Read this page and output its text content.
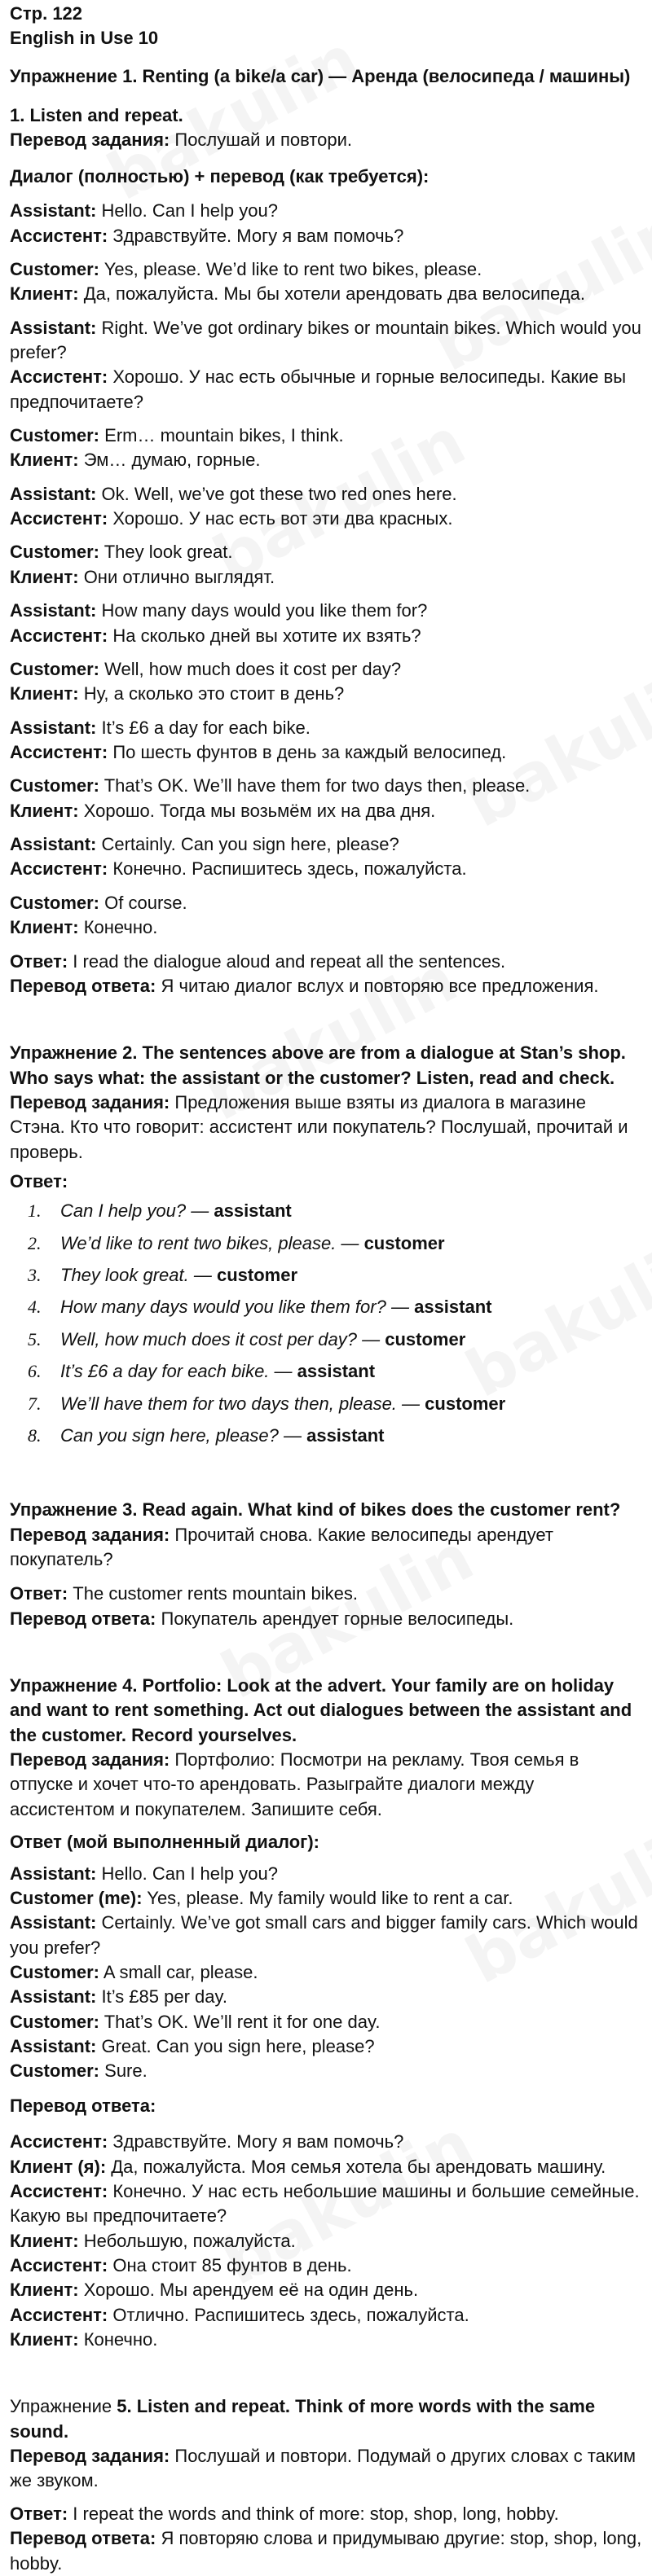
Стр. 122

English in Use 10

Упражнение 1. Renting (a bike/a car) — Аренда (велосипеда / машины)

1. Listen and repeat.

Перевод задания: Послушай и повтори.

Диалог (полностью) + перевод (как требуется):

Assistant: Hello. Can I help you?

Ассистент: Здравствуйте. Могу я вам помочь?

Customer: Yes, please. We’d like to rent two bikes, please.

Клиент: Да, пожалуйста. Мы бы хотели арендовать два велосипеда.

Assistant: Right. We’ve got ordinary bikes or mountain bikes. Which would you prefer?

Ассистент: Хорошо. У нас есть обычные и горные велосипеды. Какие вы предпочитаете?

Customer: Erm… mountain bikes, I think.

Клиент: Эм… думаю, горные.

Assistant: Ok. Well, we’ve got these two red ones here.

Ассистент: Хорошо. У нас есть вот эти два красных.

Customer: They look great.

Клиент: Они отлично выглядят.

Assistant: How many days would you like them for?

Ассистент: На сколько дней вы хотите их взять?

Customer: Well, how much does it cost per day?

Клиент: Ну, а сколько это стоит в день?

Assistant: It’s £6 a day for each bike.

Ассистент: По шесть фунтов в день за каждый велосипед.

Customer: That’s OK. We’ll have them for two days then, please.

Клиент: Хорошо. Тогда мы возьмём их на два дня.

Assistant: Certainly. Can you sign here, please?

Ассистент: Конечно. Распишитесь здесь, пожалуйста.

Customer: Of course.

Клиент: Конечно.

Ответ: I read the dialogue aloud and repeat all the sentences.

Перевод ответа: Я читаю диалог вслух и повторяю все предложения.

Упражнение 2. The sentences above are from a dialogue at Stan’s shop. Who says what: the assistant or the customer? Listen, read and check.

Перевод задания: Предложения выше взяты из диалога в магазине Стэна. Кто что говорит: ассистент или покупатель? Послушай, прочитай и проверь.

Ответ:

1.	Can I help you? — assistant
2.	We’d like to rent two bikes, please. — customer
3.	They look great. — customer
4.	How many days would you like them for? — assistant
5.	Well, how much does it cost per day? — customer
6.	It’s £6 a day for each bike. — assistant
7.	We’ll have them for two days then, please. — customer
8.	Can you sign here, please? — assistant

Упражнение 3. Read again. What kind of bikes does the customer rent?

Перевод задания: Прочитай снова. Какие велосипеды арендует покупатель?

Ответ: The customer rents mountain bikes.

Перевод ответа: Покупатель арендует горные велосипеды.

Упражнение 4. Portfolio: Look at the advert. Your family are on holiday and want to rent something. Act out dialogues between the assistant and the customer. Record yourselves.

Перевод задания: Портфолио: Посмотри на рекламу. Твоя семья в отпуске и хочет что-то арендовать. Разыграйте диалоги между ассистентом и покупателем. Запишите себя.

Ответ (мой выполненный диалог):

Assistant: Hello. Can I help you?

Customer (me): Yes, please. My family would like to rent a car.

Assistant: Certainly. We’ve got small cars and bigger family cars. Which would you prefer?

Customer: A small car, please.

Assistant: It’s £85 per day.

Customer: That’s OK. We’ll rent it for one day.

Assistant: Great. Can you sign here, please?

Customer: Sure.

Перевод ответа:

Ассистент: Здравствуйте. Могу я вам помочь?

Клиент (я): Да, пожалуйста. Моя семья хотела бы арендовать машину.

Ассистент: Конечно. У нас есть небольшие машины и большие семейные. Какую вы предпочитаете?

Клиент: Небольшую, пожалуйста.

Ассистент: Она стоит 85 фунтов в день.

Клиент: Хорошо. Мы арендуем её на один день.

Ассистент: Отлично. Распишитесь здесь, пожалуйста.

Клиент: Конечно.

Упражнение 5. Listen and repeat. Think of more words with the same sound.

Перевод задания: Послушай и повтори. Подумай о других словах с таким же звуком.

Ответ: I repeat the words and think of more: stop, shop, long, hobby.

Перевод ответа: Я повторяю слова и придумываю другие: stop, shop, long, hobby.
